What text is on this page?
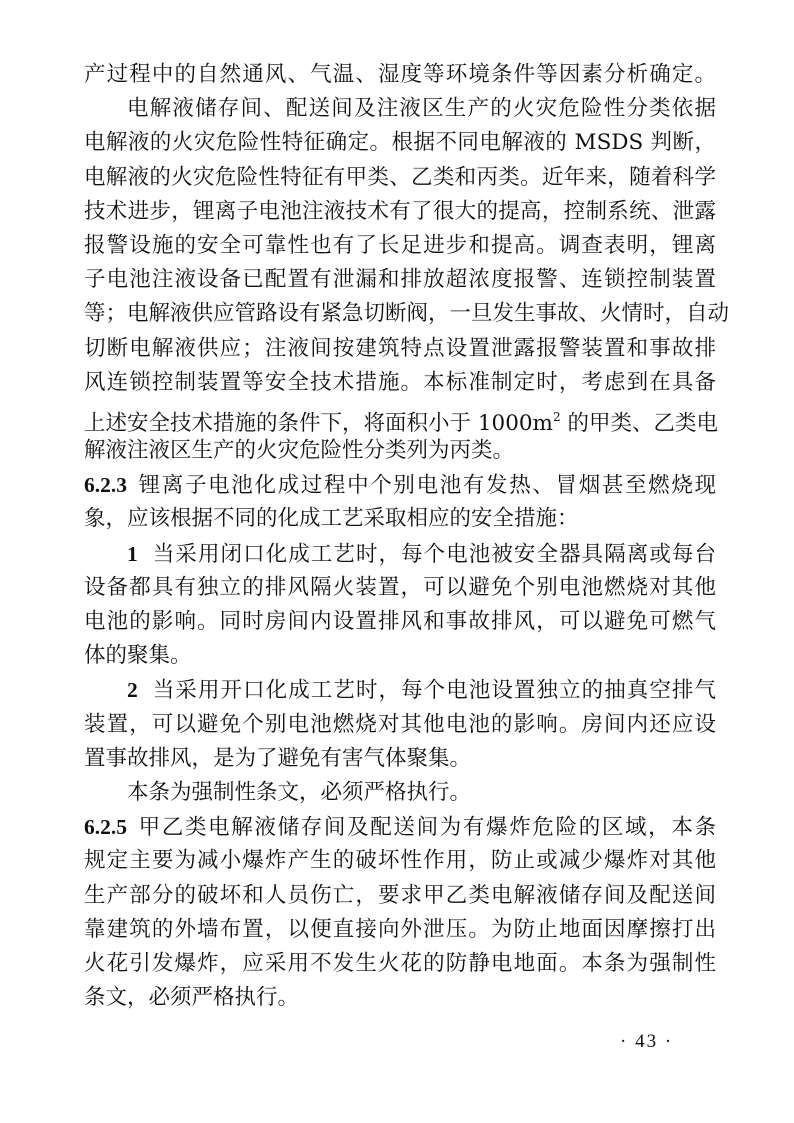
产过程中的自然通风、气温、湿度等环境条件等因素分析确定。
电解液储存间、配送间及注液区生产的火灾危险性分类依据
电解液的火灾危险性特征确定。根据不同电解液的 MSDS 判断，
电解液的火灾危险性特征有甲类、乙类和丙类。近年来，随着科学
技术进步，锂离子电池注液技术有了很大的提高，控制系统、泄露
报警设施的安全可靠性也有了长足进步和提高。调查表明，锂离
子电池注液设备已配置有泄漏和排放超浓度报警、连锁控制装置
等；电解液供应管路设有紧急切断阀，一旦发生事故、火情时，自动
切断电解液供应；注液间按建筑特点设置泄露报警装置和事故排
风连锁控制装置等安全技术措施。本标准制定时，考虑到在具备
上述安全技术措施的条件下，将面积小于 $1000m^2$ 的甲类、乙类电
解液注液区生产的火灾危险性分类列为丙类。
6.2.3 锂离子电池化成过程中个别电池有发热、冒烟甚至燃烧现
象，应该根据不同的化成工艺采取相应的安全措施：
1 当采用闭口化成工艺时，每个电池被安全器具隔离或每台
设备都具有独立的排风隔火装置，可以避免个别电池燃烧对其他
电池的影响。同时房间内设置排风和事故排风，可以避免可燃气
体的聚集。
2 当采用开口化成工艺时，每个电池设置独立的抽真空排气
装置，可以避免个别电池燃烧对其他电池的影响。房间内还应设
置事故排风，是为了避免有害气体聚集。
本条为强制性条文，必须严格执行。
6.2.5 甲乙类电解液储存间及配送间为有爆炸危险的区域，本条
规定主要为减小爆炸产生的破坏性作用，防止或减少爆炸对其他
生产部分的破坏和人员伤亡，要求甲乙类电解液储存间及配送间
靠建筑的外墙布置，以便直接向外泄压。为防止地面因摩擦打出
火花引发爆炸，应采用不发生火花的防静电地面。本条为强制性
条文，必须严格执行。
· 43 ·
